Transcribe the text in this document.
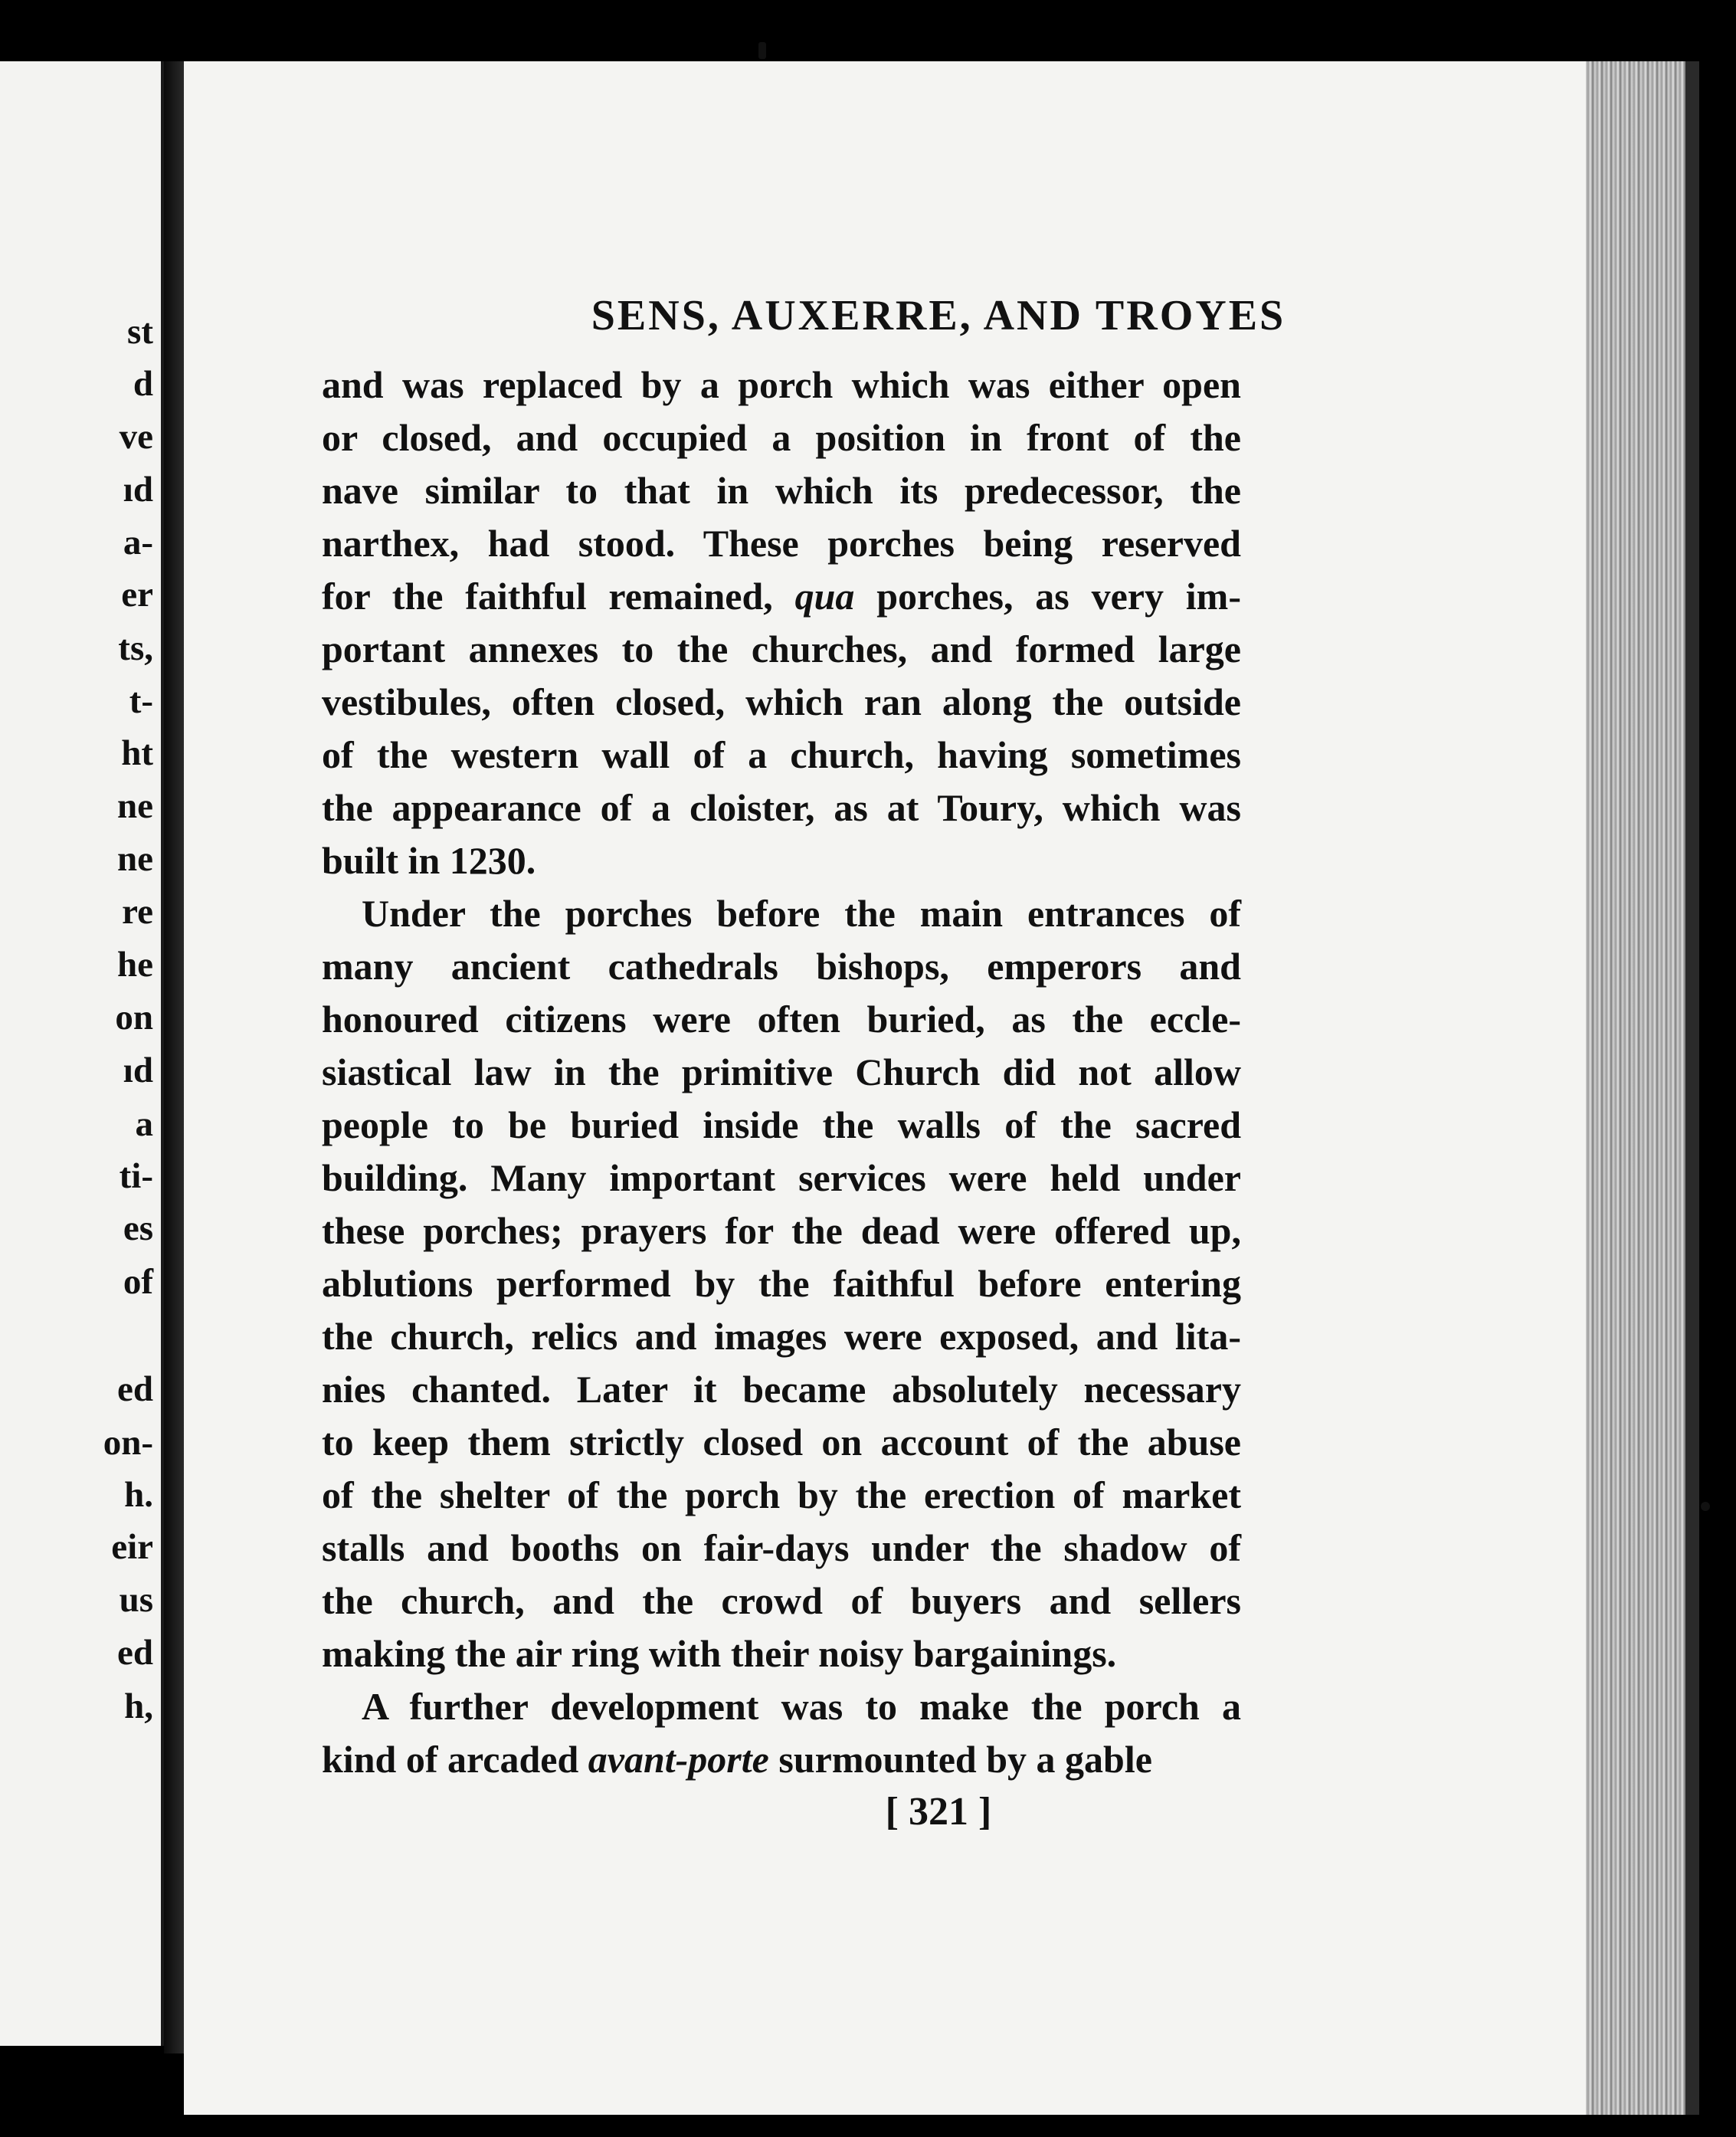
st
d
ve
ıd
a-
er
ts,
t-
ht
ne
ne
re
he
on
ıd
a
ti-
es
of
ed
on-
h.
eir
us
ed
h,
SENS, AUXERRE, AND TROYES
and was replaced by a porch which was either open
or closed, and occupied a position in front of the
nave similar to that in which its predecessor, the
narthex, had stood. These porches being reserved
for the faithful remained, qua porches, as very im-
portant annexes to the churches, and formed large
vestibules, often closed, which ran along the outside
of the western wall of a church, having sometimes
the appearance of a cloister, as at Toury, which was
built in 1230.
Under the porches before the main entrances of
many ancient cathedrals bishops, emperors and
honoured citizens were often buried, as the eccle-
siastical law in the primitive Church did not allow
people to be buried inside the walls of the sacred
building. Many important services were held under
these porches; prayers for the dead were offered up,
ablutions performed by the faithful before entering
the church, relics and images were exposed, and lita-
nies chanted. Later it became absolutely necessary
to keep them strictly closed on account of the abuse
of the shelter of the porch by the erection of market
stalls and booths on fair-days under the shadow of
the church, and the crowd of buyers and sellers
making the air ring with their noisy bargainings.
A further development was to make the porch a
kind of arcaded avant-porte surmounted by a gable
[ 321 ]
